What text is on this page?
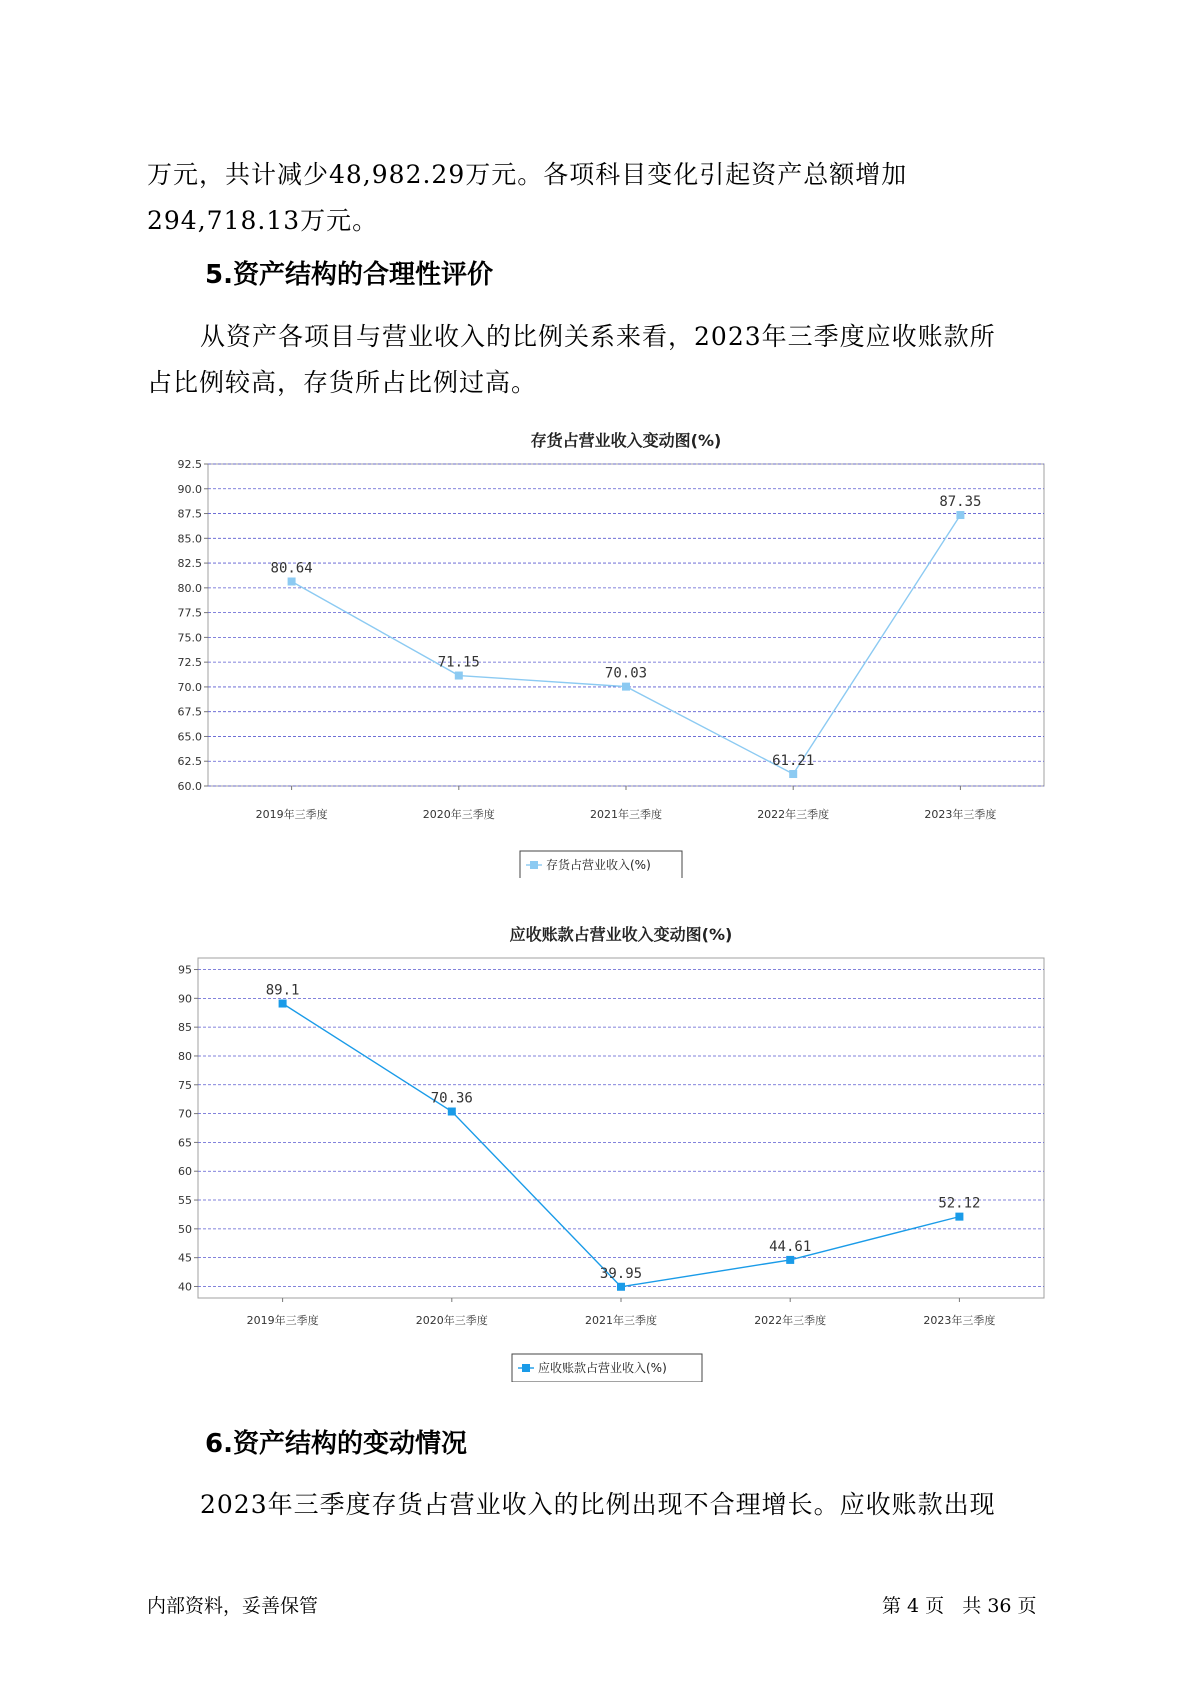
万元，共计减少48,982.29万元。各项科目变化引起资产总额增加

294,718.13万元。

5.资产结构的合理性评价

从资产各项目与营业收入的比例关系来看，2023年三季度应收账款所

占比例较高，存货所占比例过高。

存货占营业收入变动图(%)
60.0
62.5
65.0
67.5
70.0
72.5
75.0
77.5
80.0
82.5
85.0
87.5
90.0
92.5
2019年三季度	2020年三季度	2021年三季度	2022年三季度	2023年三季度
80.64
71.15
70.03
61.21
87.35
存货占营业收入(%)
应收账款占营业收入变动图(%)
40
45
50
55
60
65
70
75
80
85
90
95
2019年三季度	2020年三季度	2021年三季度	2022年三季度	2023年三季度
89.1
70.36
39.95
44.61
52.12
应收账款占营业收入(%)
6.资产结构的变动情况

2023年三季度存货占营业收入的比例出现不合理增长。应收账款出现

内部资料，妥善保管	第 4 页   共 36 页
